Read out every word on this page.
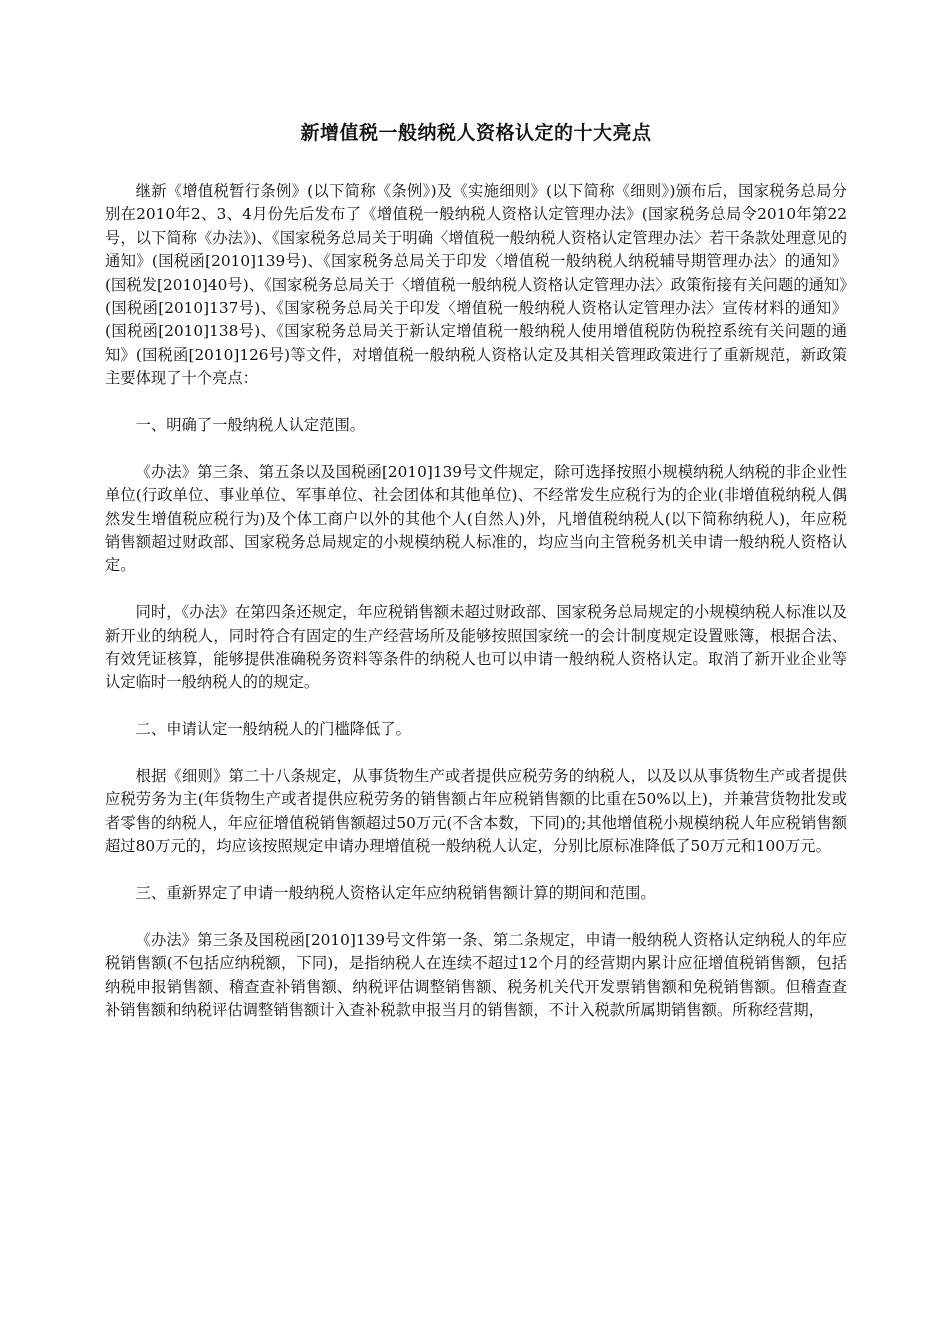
新增值税一般纳税人资格认定的十大亮点

继新《增值税暂行条例》(以下简称《条例》)及《实施细则》(以下简称《细则》)颁布后，国家税务总局分别在2010年2、3、4月份先后发布了《增值税一般纳税人资格认定管理办法》(国家税务总局令2010年第22号，以下简称《办法》)、《国家税务总局关于明确〈增值税一般纳税人资格认定管理办法〉若干条款处理意见的通知》(国税函[2010]139号)、《国家税务总局关于印发〈增值税一般纳税人纳税辅导期管理办法〉的通知》(国税发[2010]40号)、《国家税务总局关于〈增值税一般纳税人资格认定管理办法〉政策衔接有关问题的通知》(国税函[2010]137号)、《国家税务总局关于印发〈增值税一般纳税人资格认定管理办法〉宣传材料的通知》(国税函[2010]138号)、《国家税务总局关于新认定增值税一般纳税人使用增值税防伪税控系统有关问题的通知》(国税函[2010]126号)等文件，对增值税一般纳税人资格认定及其相关管理政策进行了重新规范，新政策主要体现了十个亮点：

一、明确了一般纳税人认定范围。

《办法》第三条、第五条以及国税函[2010]139号文件规定，除可选择按照小规模纳税人纳税的非企业性单位(行政单位、事业单位、军事单位、社会团体和其他单位)、不经常发生应税行为的企业(非增值税纳税人偶然发生增值税应税行为)及个体工商户以外的其他个人(自然人)外，凡增值税纳税人(以下简称纳税人)，年应税销售额超过财政部、国家税务总局规定的小规模纳税人标准的，均应当向主管税务机关申请一般纳税人资格认定。

同时，《办法》在第四条还规定，年应税销售额未超过财政部、国家税务总局规定的小规模纳税人标准以及新开业的纳税人，同时符合有固定的生产经营场所及能够按照国家统一的会计制度规定设置账簿，根据合法、有效凭证核算，能够提供准确税务资料等条件的纳税人也可以申请一般纳税人资格认定。取消了新开业企业等认定临时一般纳税人的的规定。

二、申请认定一般纳税人的门槛降低了。

根据《细则》第二十八条规定，从事货物生产或者提供应税劳务的纳税人，以及以从事货物生产或者提供应税劳务为主(年货物生产或者提供应税劳务的销售额占年应税销售额的比重在50%以上)，并兼营货物批发或者零售的纳税人，年应征增值税销售额超过50万元(不含本数，下同)的;其他增值税小规模纳税人年应税销售额超过80万元的，均应该按照规定申请办理增值税一般纳税人认定，分别比原标准降低了50万元和100万元。

三、重新界定了申请一般纳税人资格认定年应纳税销售额计算的期间和范围。

《办法》第三条及国税函[2010]139号文件第一条、第二条规定，申请一般纳税人资格认定纳税人的年应税销售额(不包括应纳税额，下同)，是指纳税人在连续不超过12个月的经营期内累计应征增值税销售额，包括纳税申报销售额、稽查查补销售额、纳税评估调整销售额、税务机关代开发票销售额和免税销售额。但稽查查补销售额和纳税评估调整销售额计入查补税款申报当月的销售额，不计入税款所属期销售额。所称经营期，
